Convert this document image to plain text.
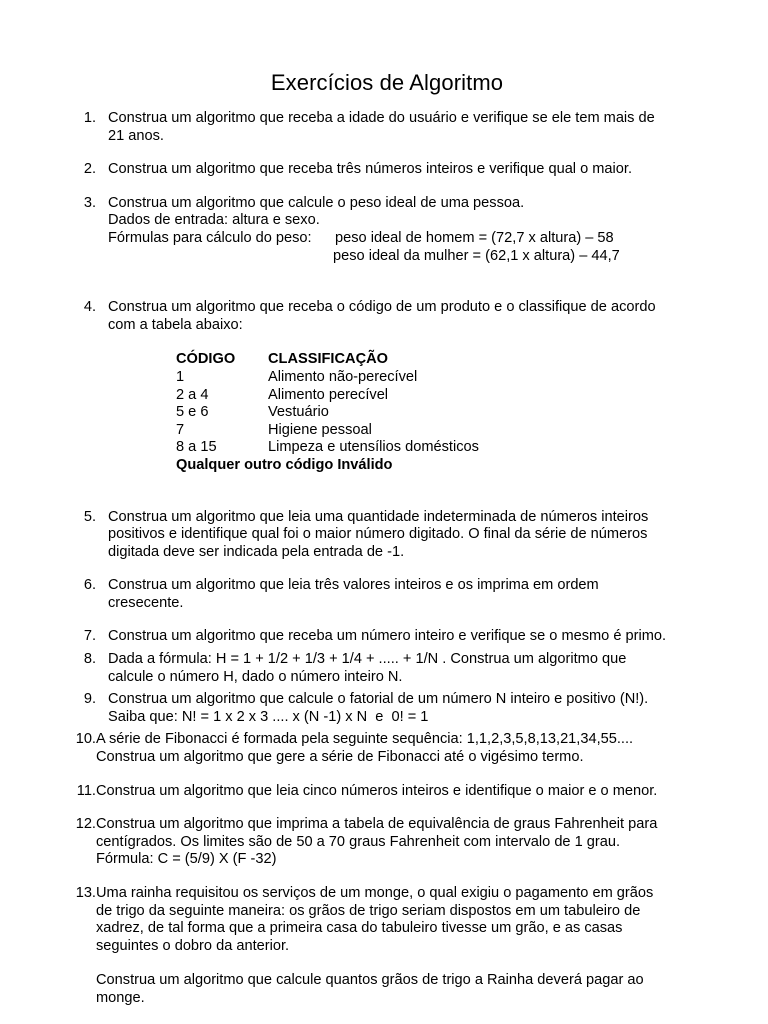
Exercícios de Algoritmo
1. Construa um algoritmo que receba a idade do usuário e verifique se ele tem mais de
21 anos.
2. Construa um algoritmo que receba três números inteiros e verifique qual o maior.
3. Construa um algoritmo que calcule o peso ideal de uma pessoa.
Dados de entrada: altura e sexo.
Fórmulas para cálculo do peso:	peso ideal de homem = (72,7 x altura) – 58
peso ideal da mulher = (62,1 x altura) – 44,7
4. Construa um algoritmo que receba o código de um produto e o classifique de acordo
com a tabela abaixo:
CÓDIGO	CLASSIFICAÇÃO
1	Alimento não-perecível
2 a 4	Alimento perecível
5 e 6	Vestuário
7	Higiene pessoal
8 a 15	Limpeza e utensílios domésticos
Qualquer outro código Inválido	
5. Construa um algoritmo que leia uma quantidade indeterminada de números inteiros
positivos e identifique qual foi o maior número digitado. O final da série de números
digitada deve ser indicada pela entrada de -1.
6. Construa um algoritmo que leia três valores inteiros e os imprima em ordem
cresecente.
7. Construa um algoritmo que receba um número inteiro e verifique se o mesmo é primo.
8. Dada a fórmula: H = 1 + 1/2 + 1/3 + 1/4 + ..... + 1/N . Construa um algoritmo que
calcule o número H, dado o número inteiro N.
9. Construa um algoritmo que calcule o fatorial de um número N inteiro e positivo (N!).
Saiba que: N! = 1 x 2 x 3 .... x (N -1) x N  e  0! = 1
10. A série de Fibonacci é formada pela seguinte sequência: 1,1,2,3,5,8,13,21,34,55....
Construa um algoritmo que gere a série de Fibonacci até o vigésimo termo.
11. Construa um algoritmo que leia cinco números inteiros e identifique o maior e o menor.
12. Construa um algoritmo que imprima a tabela de equivalência de graus Fahrenheit para
centígrados. Os limites são de 50 a 70 graus Fahrenheit com intervalo de 1 grau.
Fórmula: C = (5/9) X (F -32)
13. Uma rainha requisitou os serviços de um monge, o qual exigiu o pagamento em grãos
de trigo da seguinte maneira: os grãos de trigo seriam dispostos em um tabuleiro de
xadrez, de tal forma que a primeira casa do tabuleiro tivesse um grão, e as casas
seguintes o dobro da anterior.
Construa um algoritmo que calcule quantos grãos de trigo a Rainha deverá pagar ao
monge.
